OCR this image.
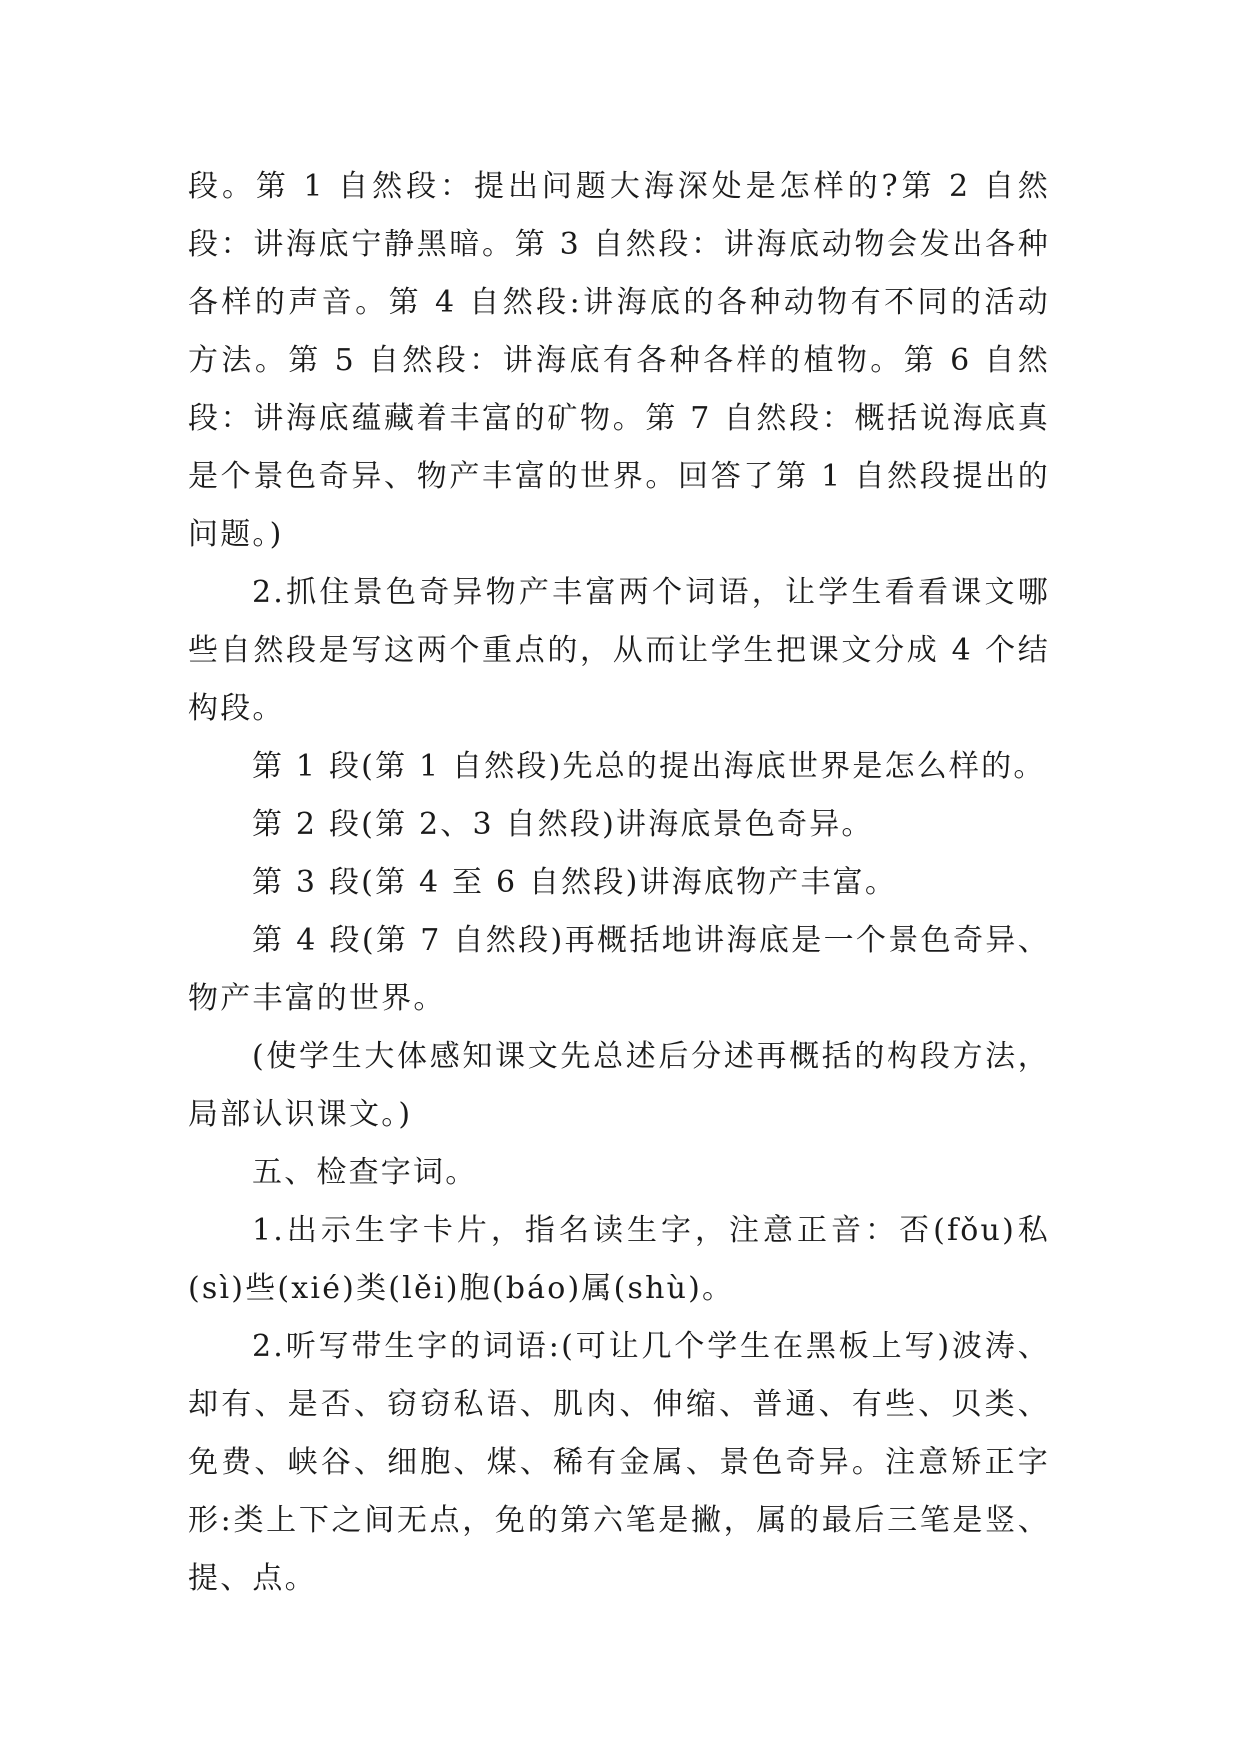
段。第 1 自然段：提出问题大海深处是怎样的?第 2 自然段：讲海底宁静黑暗。第 3 自然段：讲海底动物会发出各种各样的声音。第 4 自然段:讲海底的各种动物有不同的活动方法。第 5 自然段：讲海底有各种各样的植物。第 6 自然段：讲海底蕴藏着丰富的矿物。第 7 自然段：概括说海底真是个景色奇异、物产丰富的世界。回答了第 1 自然段提出的问题。)

2.抓住景色奇异物产丰富两个词语，让学生看看课文哪些自然段是写这两个重点的，从而让学生把课文分成 4 个结构段。

第 1 段(第 1 自然段)先总的提出海底世界是怎么样的。

第 2 段(第 2、3 自然段)讲海底景色奇异。

第 3 段(第 4 至 6 自然段)讲海底物产丰富。

第 4 段(第 7 自然段)再概括地讲海底是一个景色奇异、物产丰富的世界。

(使学生大体感知课文先总述后分述再概括的构段方法，局部认识课文。)

五、检查字词。

1.出示生字卡片，指名读生字，注意正音：否(fǒu)私(sì)些(xié)类(lěi)胞(báo)属(shù)。

2.听写带生字的词语:(可让几个学生在黑板上写)波涛、却有、是否、窃窃私语、肌肉、伸缩、普通、有些、贝类、免费、峡谷、细胞、煤、稀有金属、景色奇异。注意矫正字形:类上下之间无点，免的第六笔是撇，属的最后三笔是竖、提、点。
